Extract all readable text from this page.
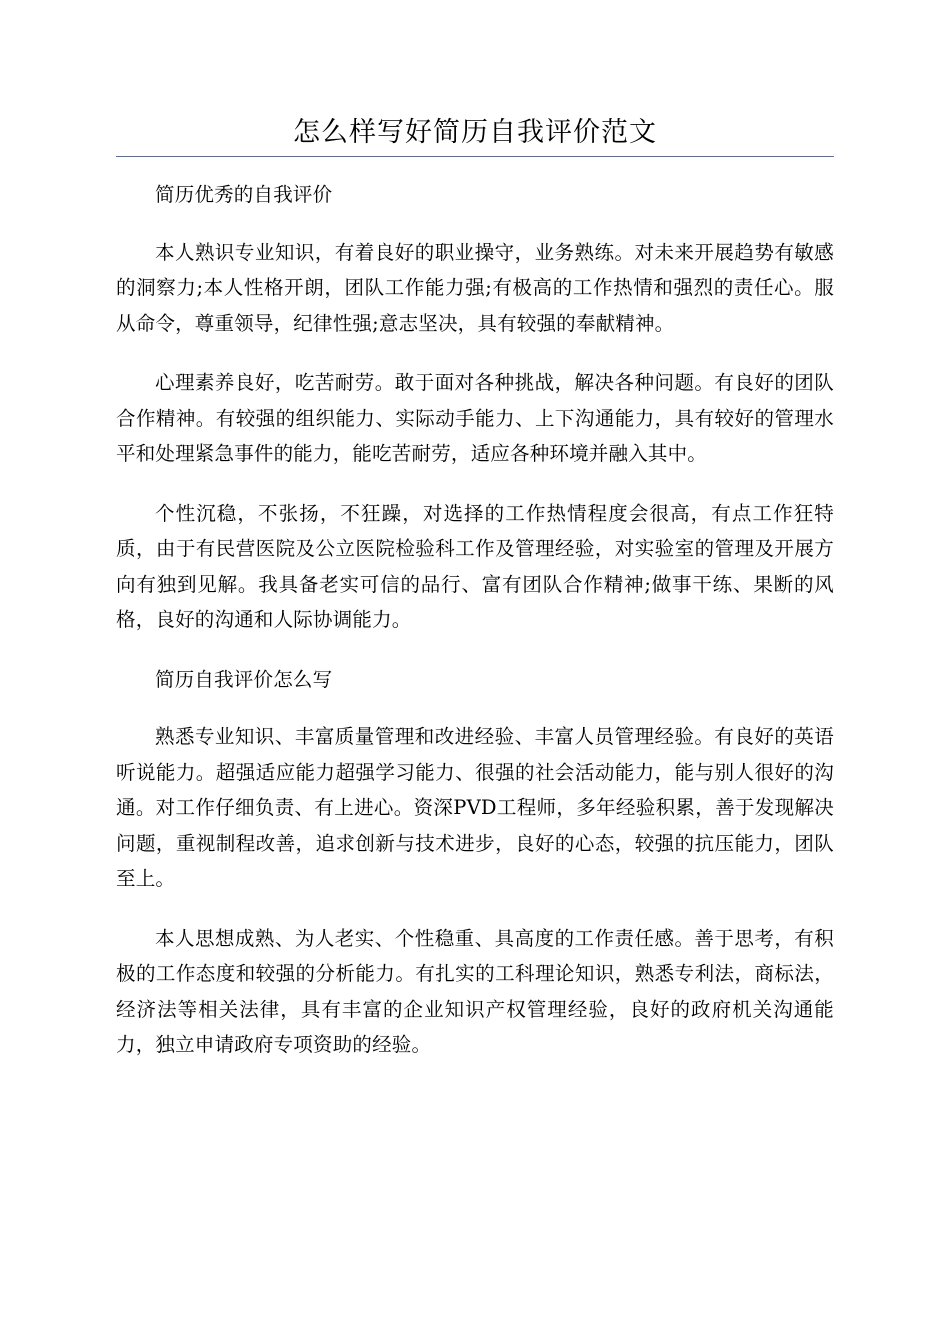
怎么样写好简历自我评价范文

简历优秀的自我评价

本人熟识专业知识，有着良好的职业操守，业务熟练。对未来开展趋势有敏感的洞察力;本人性格开朗，团队工作能力强;有极高的工作热情和强烈的责任心。服从命令，尊重领导，纪律性强;意志坚决，具有较强的奉献精神。

心理素养良好，吃苦耐劳。敢于面对各种挑战，解决各种问题。有良好的团队合作精神。有较强的组织能力、实际动手能力、上下沟通能力，具有较好的管理水平和处理紧急事件的能力，能吃苦耐劳，适应各种环境并融入其中。

个性沉稳，不张扬，不狂躁，对选择的工作热情程度会很高，有点工作狂特质，由于有民营医院及公立医院检验科工作及管理经验，对实验室的管理及开展方向有独到见解。我具备老实可信的品行、富有团队合作精神;做事干练、果断的风格，良好的沟通和人际协调能力。

简历自我评价怎么写

熟悉专业知识、丰富质量管理和改进经验、丰富人员管理经验。有良好的英语听说能力。超强适应能力超强学习能力、很强的社会活动能力，能与别人很好的沟通。对工作仔细负责、有上进心。资深PVD工程师，多年经验积累，善于发现解决问题，重视制程改善，追求创新与技术进步，良好的心态，较强的抗压能力，团队至上。

本人思想成熟、为人老实、个性稳重、具高度的工作责任感。善于思考，有积极的工作态度和较强的分析能力。有扎实的工科理论知识，熟悉专利法，商标法，经济法等相关法律，具有丰富的企业知识产权管理经验，良好的政府机关沟通能力，独立申请政府专项资助的经验。
